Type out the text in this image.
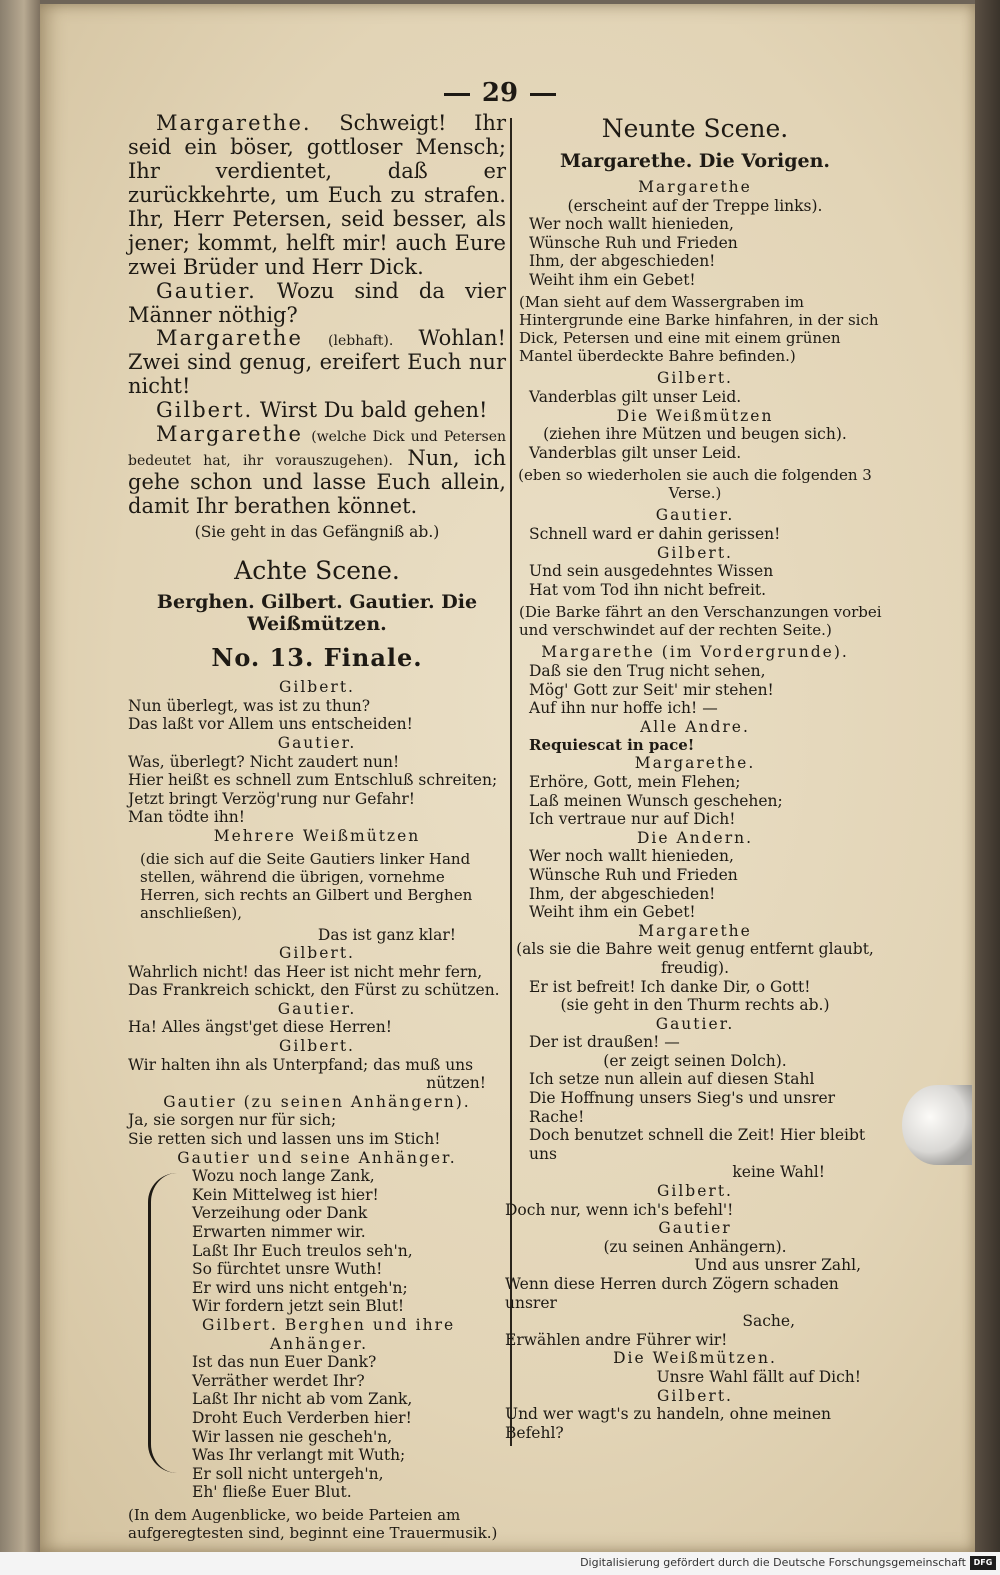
29

Margarethe. Schweigt! Ihr seid ein böser, gottloser Mensch; Ihr verdientet, daß er zurückkehrte, um Euch zu strafen. Ihr, Herr Petersen, seid besser, als jener; kommt, helft mir! auch Eure zwei Brüder und Herr Dick.

Gautier. Wozu sind da vier Männer nöthig?

Margarethe (lebhaft). Wohlan! Zwei sind genug, ereifert Euch nur nicht!

Gilbert. Wirst Du bald gehen!

Margarethe (welche Dick und Petersen bedeutet hat, ihr vorauszugehen). Nun, ich gehe schon und lasse Euch allein, damit Ihr berathen könnet.

(Sie geht in das Gefängniß ab.)

Achte Scene.

Berghen. Gilbert. Gautier. Die Weißmützen.

No. 13. Finale.

Gilbert.

Nun überlegt, was ist zu thun?

Das laßt vor Allem uns entscheiden!

Gautier.

Was, überlegt? Nicht zaudert nun!

Hier heißt es schnell zum Entschluß schreiten;

Jetzt bringt Verzög'rung nur Gefahr!

Man tödte ihn!

Mehrere Weißmützen

(die sich auf die Seite Gautiers linker Hand stellen, während die übrigen, vornehme Herren, sich rechts an Gilbert und Berghen anschließen),

Das ist ganz klar!

Gilbert.

Wahrlich nicht! das Heer ist nicht mehr fern,

Das Frankreich schickt, den Fürst zu schützen.

Gautier.

Ha! Alles ängst'get diese Herren!

Gilbert.

Wir halten ihn als Unterpfand; das muß uns

nützen!

Gautier (zu seinen Anhängern).

Ja, sie sorgen nur für sich;

Sie retten sich und lassen uns im Stich!

Gautier und seine Anhänger.

Wozu noch lange Zank,

Kein Mittelweg ist hier!

Verzeihung oder Dank

Erwarten nimmer wir.

Laßt Ihr Euch treulos seh'n,

So fürchtet unsre Wuth!

Er wird uns nicht entgeh'n;

Wir fordern jetzt sein Blut!

Gilbert. Berghen und ihre

Anhänger.

Ist das nun Euer Dank?

Verräther werdet Ihr?

Laßt Ihr nicht ab vom Zank,

Droht Euch Verderben hier!

Wir lassen nie gescheh'n,

Was Ihr verlangt mit Wuth;

Er soll nicht untergeh'n,

Eh' fließe Euer Blut.

(In dem Augenblicke, wo beide Parteien am aufgeregtesten sind, beginnt eine Trauermusik.)

Neunte Scene.

Margarethe. Die Vorigen.

Margarethe

(erscheint auf der Treppe links).

Wer noch wallt hienieden,

Wünsche Ruh und Frieden

Ihm, der abgeschieden!

Weiht ihm ein Gebet!

(Man sieht auf dem Wassergraben im Hintergrunde eine Barke hinfahren, in der sich Dick, Petersen und eine mit einem grünen Mantel überdeckte Bahre befinden.)

Gilbert.

Vanderblas gilt unser Leid.

Die Weißmützen

(ziehen ihre Mützen und beugen sich).

Vanderblas gilt unser Leid.

(eben so wiederholen sie auch die folgenden 3 Verse.)

Gautier.

Schnell ward er dahin gerissen!

Gilbert.

Und sein ausgedehntes Wissen

Hat vom Tod ihn nicht befreit.

(Die Barke fährt an den Verschanzungen vorbei und verschwindet auf der rechten Seite.)

Margarethe (im Vordergrunde).

Daß sie den Trug nicht sehen,

Mög' Gott zur Seit' mir stehen!

Auf ihn nur hoffe ich! —

Alle Andre.

Requiescat in pace!

Margarethe.

Erhöre, Gott, mein Flehen;

Laß meinen Wunsch geschehen;

Ich vertraue nur auf Dich!

Die Andern.

Wer noch wallt hienieden,

Wünsche Ruh und Frieden

Ihm, der abgeschieden!

Weiht ihm ein Gebet!

Margarethe

(als sie die Bahre weit genug entfernt glaubt, freudig).

Er ist befreit! Ich danke Dir, o Gott!

(sie geht in den Thurm rechts ab.)

Gautier.

Der ist draußen! —

(er zeigt seinen Dolch).

Ich setze nun allein auf diesen Stahl

Die Hoffnung unsers Sieg's und unsrer Rache!

Doch benutzet schnell die Zeit! Hier bleibt uns

keine Wahl!

Gilbert.

Doch nur, wenn ich's befehl'!

Gautier

(zu seinen Anhängern).

Und aus unsrer Zahl,

Wenn diese Herren durch Zögern schaden unsrer

Sache,

Erwählen andre Führer wir!

Die Weißmützen.

Unsre Wahl fällt auf Dich!

Gilbert.

Und wer wagt's zu handeln, ohne meinen Befehl?

Digitalisierung gefördert durch die Deutsche Forschungsgemeinschaft DFG
